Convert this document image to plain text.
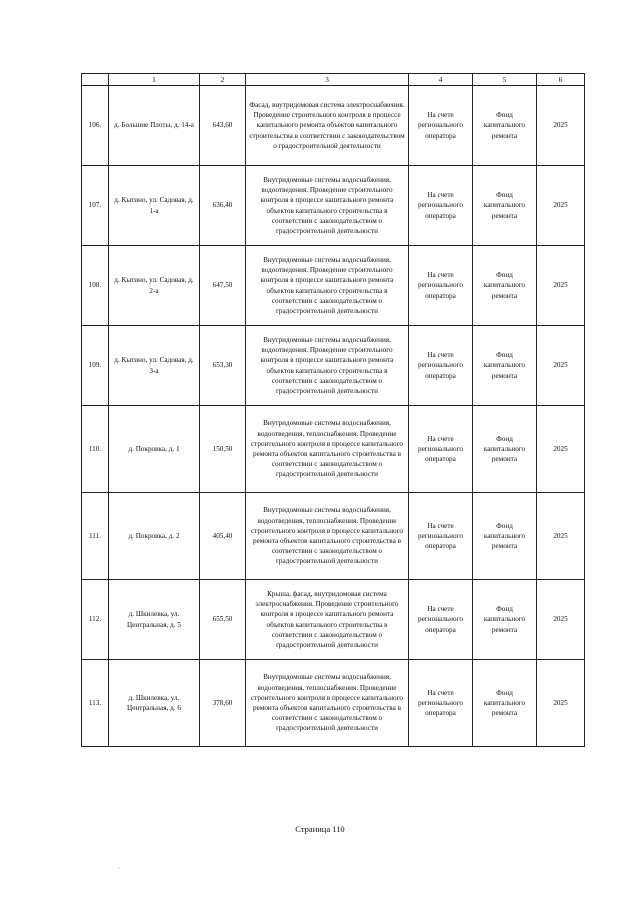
	1	2	3	4	5	6
106.	д. Большие Плоты, д. 14-а	643,60	Фасад, внутридомовая система электроснабжения. Проведение строительного контроля в процессе капитального ремонта объектов капитального строительства в соответствии с законодательством о градостроительной деятельности	На счете регионального оператора	Фонд капитального ремонта	2025
107.	д. Кытино, ул. Садовая, д. 1-а	636,40	Внутридомовые системы водоснабжения, водоотведения. Проведение строительного контроля в процессе капитального ремонта объектов капитального строительства в соответствии с законодательством о градостроительной деятельности	На счете регионального оператора	Фонд капитального ремонта	2025
108.	д. Кытино, ул. Садовая, д. 2-а	647,50	Внутридомовые системы водоснабжения, водоотведения. Проведение строительного контроля в процессе капитального ремонта объектов капитального строительства в соответствии с законодательством о градостроительной деятельности	На счете регионального оператора	Фонд капитального ремонта	2025
109.	д. Кытино, ул. Садовая, д. 3-а	653,30	Внутридомовые системы водоснабжения, водоотведения. Проведение строительного контроля в процессе капитального ремонта объектов капитального строительства в соответствии с законодательством о градостроительной деятельности	На счете регионального оператора	Фонд капитального ремонта	2025
110.	д. Покровка, д. 1	150,50	Внутридомовые системы водоснабжения, водоотведения, теплоснабжения. Проведение строительного контроля в процессе капитального ремонта объектов капитального строительства в соответствии с законодательством о градостроительной деятельности	На счете регионального оператора	Фонд капитального ремонта	2025
111.	д. Покровка, д. 2	405,40	Внутридомовые системы водоснабжения, водоотведения, теплоснабжения. Проведение строительного контроля в процессе капитального ремонта объектов капитального строительства в соответствии с законодательством о градостроительной деятельности	На счете регионального оператора	Фонд капитального ремонта	2025
112.	д. Шкилевка, ул. Центральная, д. 5	655,50	Крыша, фасад, внутридомовая система электроснабжения. Проведение строительного контроля в процессе капитального ремонта объектов капитального строительства в соответствии с законодательством о градостроительной деятельности	На счете регионального оператора	Фонд капитального ремонта	2025
113.	д. Шкилевка, ул. Центральная, д. 6	378,60	Внутридомовые системы водоснабжения, водоотведения, теплоснабжения. Проведение строительного контроля в процессе капитального ремонта объектов капитального строительства в соответствии с законодательством о градостроительной деятельности	На счете регионального оператора	Фонд капитального ремонта	2025
Страница 110
·
